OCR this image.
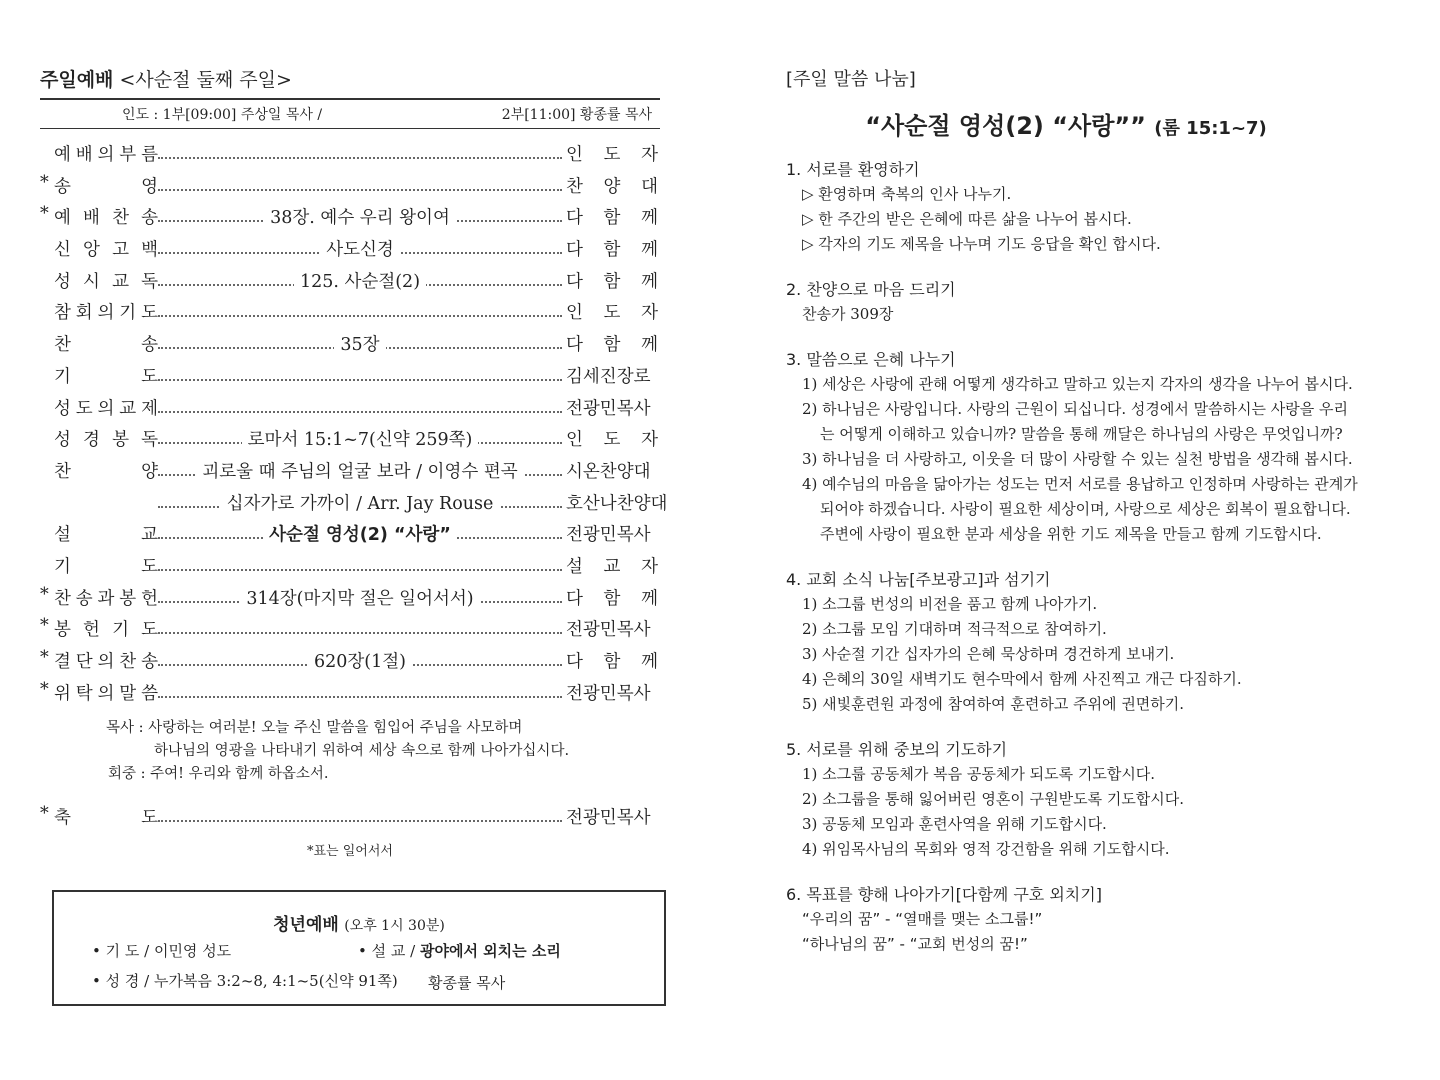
주일예배 <사순절 둘째 주일>
인도 : 1부[09:00] 주상일 목사 /	2부[11:00] 황종률 목사
예 배 의 부 름	인 도 자
* 송	영	찬 양 대
* 예 배 찬 송	38장. 예수 우리 왕이여	다 함 께
신 앙 고 백	사도신경	다 함 께
성 시 교 독	125. 사순절(2)	다 함 께
참 회 의 기 도	인 도 자
찬	송	35장	다 함 께
기	도	김세진장로
성 도 의 교 제	전광민목사
성 경 봉 독	로마서 15:1~7(신약 259쪽)	인 도 자
찬	양	괴로울 때 주님의 얼굴 보라 / 이영수 편곡	시온찬양대
십자가로 가까이 / Arr. Jay Rouse	호산나찬양대
설	교	사순절 영성(2) “사랑”	전광민목사
기	도	설 교 자
* 찬 송 과 봉 헌	314장(마지막 절은 일어서서)	다 함 께
* 봉 헌 기 도	전광민목사
* 결 단 의 찬 송	620장(1절)	다 함 께
* 위 탁 의 말 씀	전광민목사
목사 : 사랑하는 여러분! 오늘 주신 말씀을 힘입어 주님을 사모하며
하나님의 영광을 나타내기 위하여 세상 속으로 함께 나아가십시다.
회중 : 주여! 우리와 함께 하옵소서.
* 축	도	전광민목사
*표는 일어서서
청년예배 (오후 1시 30분)
• 기 도 / 이민영 성도	• 설 교 / 광야에서 외치는 소리
• 성 경 / 누가복음 3:2~8, 4:1~5(신약 91쪽) 황종률 목사
[주일 말씀 나눔]
“사순절 영성(2) “사랑”” (롬 15:1~7)
1. 서로를 환영하기
▷ 환영하며 축복의 인사 나누기.
▷ 한 주간의 받은 은혜에 따른 삶을 나누어 봅시다.
▷ 각자의 기도 제목을 나누며 기도 응답을 확인 합시다.
2. 찬양으로 마음 드리기
찬송가 309장
3. 말씀으로 은혜 나누기
1) 세상은 사랑에 관해 어떻게 생각하고 말하고 있는지 각자의 생각을 나누어 봅시다.
2) 하나님은 사랑입니다. 사랑의 근원이 되십니다. 성경에서 말씀하시는 사랑을 우리
는 어떻게 이해하고 있습니까? 말씀을 통해 깨달은 하나님의 사랑은 무엇입니까?
3) 하나님을 더 사랑하고, 이웃을 더 많이 사랑할 수 있는 실천 방법을 생각해 봅시다.
4) 예수님의 마음을 닮아가는 성도는 먼저 서로를 용납하고 인정하며 사랑하는 관계가
되어야 하겠습니다. 사랑이 필요한 세상이며, 사랑으로 세상은 회복이 필요합니다.
주변에 사랑이 필요한 분과 세상을 위한 기도 제목을 만들고 함께 기도합시다.
4. 교회 소식 나눔[주보광고]과 섬기기
1) 소그룹 번성의 비전을 품고 함께 나아가기.
2) 소그룹 모임 기대하며 적극적으로 참여하기.
3) 사순절 기간 십자가의 은혜 묵상하며 경건하게 보내기.
4) 은혜의 30일 새벽기도 현수막에서 함께 사진찍고 개근 다짐하기.
5) 새빛훈련원 과정에 참여하여 훈련하고 주위에 권면하기.
5. 서로를 위해 중보의 기도하기
1) 소그룹 공동체가 복음 공동체가 되도록 기도합시다.
2) 소그룹을 통해 잃어버린 영혼이 구원받도록 기도합시다.
3) 공동체 모임과 훈련사역을 위해 기도합시다.
4) 위임목사님의 목회와 영적 강건함을 위해 기도합시다.
6. 목표를 향해 나아가기[다함께 구호 외치기]
“우리의 꿈” - “열매를 맺는 소그룹!”
“하나님의 꿈” - “교회 번성의 꿈!”
